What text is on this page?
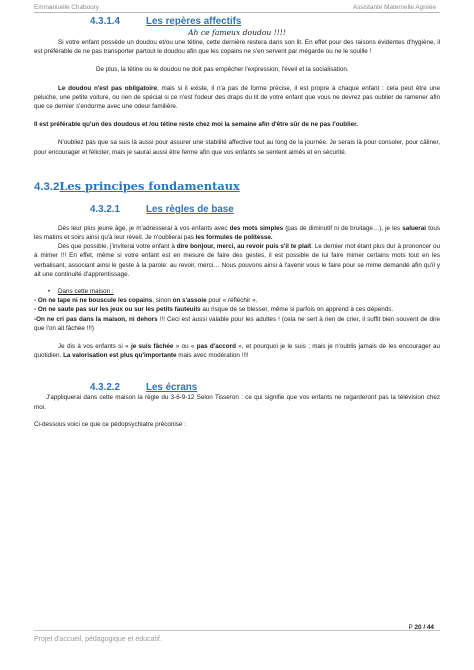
Emmanuelle Chaboury	Assistante Maternelle Agréée
4.3.1.4	Les repères affectifs
Ah ce fameux doudou !!!!

Si votre enfant possède un doudou et/ou une tétine, cette dernière restera dans son lit. En effet pour des raisons évidentes d'hygiène, il est préférable de ne pas transporter partout le doudou afin que les copains ne s'en servent par mégarde ou ne le souille !

De plus, la tétine ou le doudou ne doit pas empêcher l'expression, l'éveil et la socialisation.

Le doudou n'est pas obligatoire, mais si il existe, il n'a pas de forme précise, il est propre à chaque enfant : cela peut être une peluche, une petite voiture, ou rien de spécial si ce n'est l'odeur des draps du lit de votre enfant que vous ne devrez pas oublier de ramener afin que ce dernier s'endorme avec une odeur familière.

Il est préférable qu'un des doudous et /ou tétine reste chez moi la semaine afin d'être sûr de ne pas l'oublier.

N'oubliez pas que sa suis là aussi pour assurer une stabilité affective tout au long de la journée. Je serais là pour consoler, pour câliner, pour encourager et féliciter, mais je saurai aussi être ferme afin que vos enfants se sentent aimés et en sécurité.

4.3.2Les principes fondamentaux
4.3.2.1	Les règles de base

Dès leur plus jeune âge, je m'adresserai à vos enfants avec des mots simples (pas de diminutif ni de bruitage…), je les saluerai tous les matins et soirs ainsi qu'à leur réveil. Je n'oublierai pas les formules de politesse.

Dès que possible, j'inviterai votre enfant à dire bonjour, merci, au revoir puis s'il te plait. Le dernier mot étant plus dur à prononcer ou à mimer !!! En effet, même si votre enfant est en mesure de faire des gestes, il est possible de lui faire mimer certains mots tout en les verbalisant, associant ainsi le geste à la parole: au revoir, merci… Nous pouvons ainsi à l'avenir vous le faire pour se mime demandé afin qu'il y ait une continuité d'apprentissage.

• Dans cette maison :

- On ne tape ni ne bouscule les copains, sinon on s'assoie pour « réfléchir ».

- On ne saute pas sur les jeux ou sur les petits fauteuils au risque de se blesser, même si parfois on apprend à ces dépends.

-On ne cri pas dans la maison, ni dehors !!! Ceci est aussi valable pour les adultes ! (cela ne sert à rien de crier, il suffit bien souvent de dire que l'on ait fâchée !!!)

Je dis à vos enfants si « je suis fâchée » ou « pas d'accord », et pourquoi je le suis ; mais je n'oublis jamais de les encourager au quotidien. La valorisation est plus qu'importante mais avec modération !!!!

4.3.2.2	Les écrans

J'appliquerai dans cette maison la règle du 3-6-9-12 Selon Tisseron : ce qui signifie que vos enfants ne regarderont pas la télévision chez moi.

Ci-dessous voici ce que ce pédopsychiatre préconise :

P 20 / 44
Projet d'accueil, pédagogique et éducatif.
